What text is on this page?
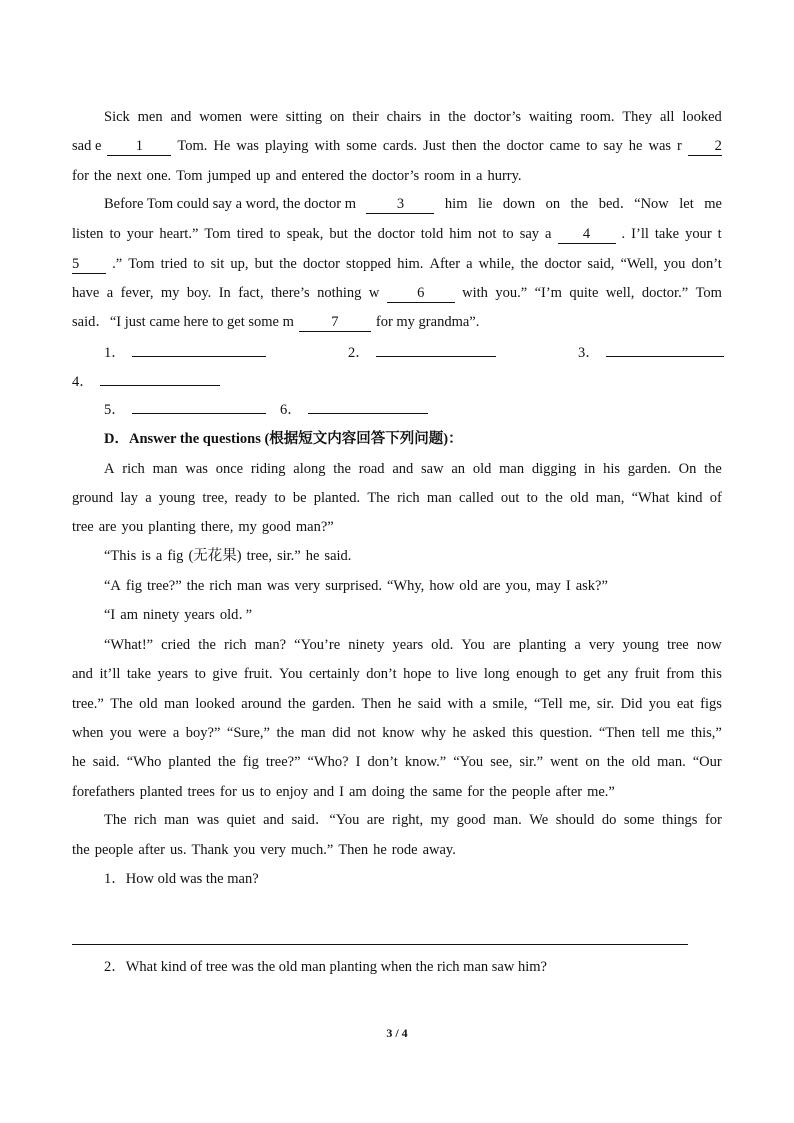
Sick men and women were sitting on their chairs in the doctor’s waiting room. They all looked
sad e	1	Tom. He was playing with some cards. Just then the doctor came to say he was r	2
for the next one. Tom jumped up and entered the doctor’s room in a hurry.
Before Tom could say a word, the doctor m	3	him lie down on the bed．“Now let me
listen to your heart.” Tom tired to speak, but the doctor told him not to say a	4	. I’ll take your t
5	.” Tom tried to sit up, but the doctor stopped him. After a while, the doctor said, “Well, you don’t
have a fever, my boy. In fact, there’s nothing w	6	with you.” “I’m quite well, doctor.” Tom
said．“I just came here to get some m	7	for my grandma”.
1．	2．	3．
4．
5．	6．
D．Answer the questions (根据短文内容回答下列问题)：
A rich man was once riding along the road and saw an old man digging in his garden. On the
ground lay a young tree, ready to be planted. The rich man called out to the old man, “What kind of
tree are you planting there, my good man?”
“This is a fig (无花果) tree, sir.” he said.
“A fig tree?” the rich man was very surprised. “Why, how old are you, may I ask?”
“I am ninety years old．”
“What!” cried the rich man? “You’re ninety years old. You are planting a very young tree now
and it’ll take years to give fruit. You certainly don’t hope to live long enough to get any fruit from this
tree.” The old man looked around the garden. Then he said with a smile, “Tell me, sir. Did you eat figs
when you were a boy?” “Sure,” the man did not know why he asked this question. “Then tell me this,”
he said. “Who planted the fig tree?” “Who? I don’t know.” “You see, sir.” went on the old man. “Our
forefathers planted trees for us to enjoy and I am doing the same for the people after me.”
The rich man was quiet and said．“You are right, my good man. We should do some things for
the people after us. Thank you very much.” Then he rode away.
1．How old was the man?
2．What kind of tree was the old man planting when the rich man saw him?
3 / 4
